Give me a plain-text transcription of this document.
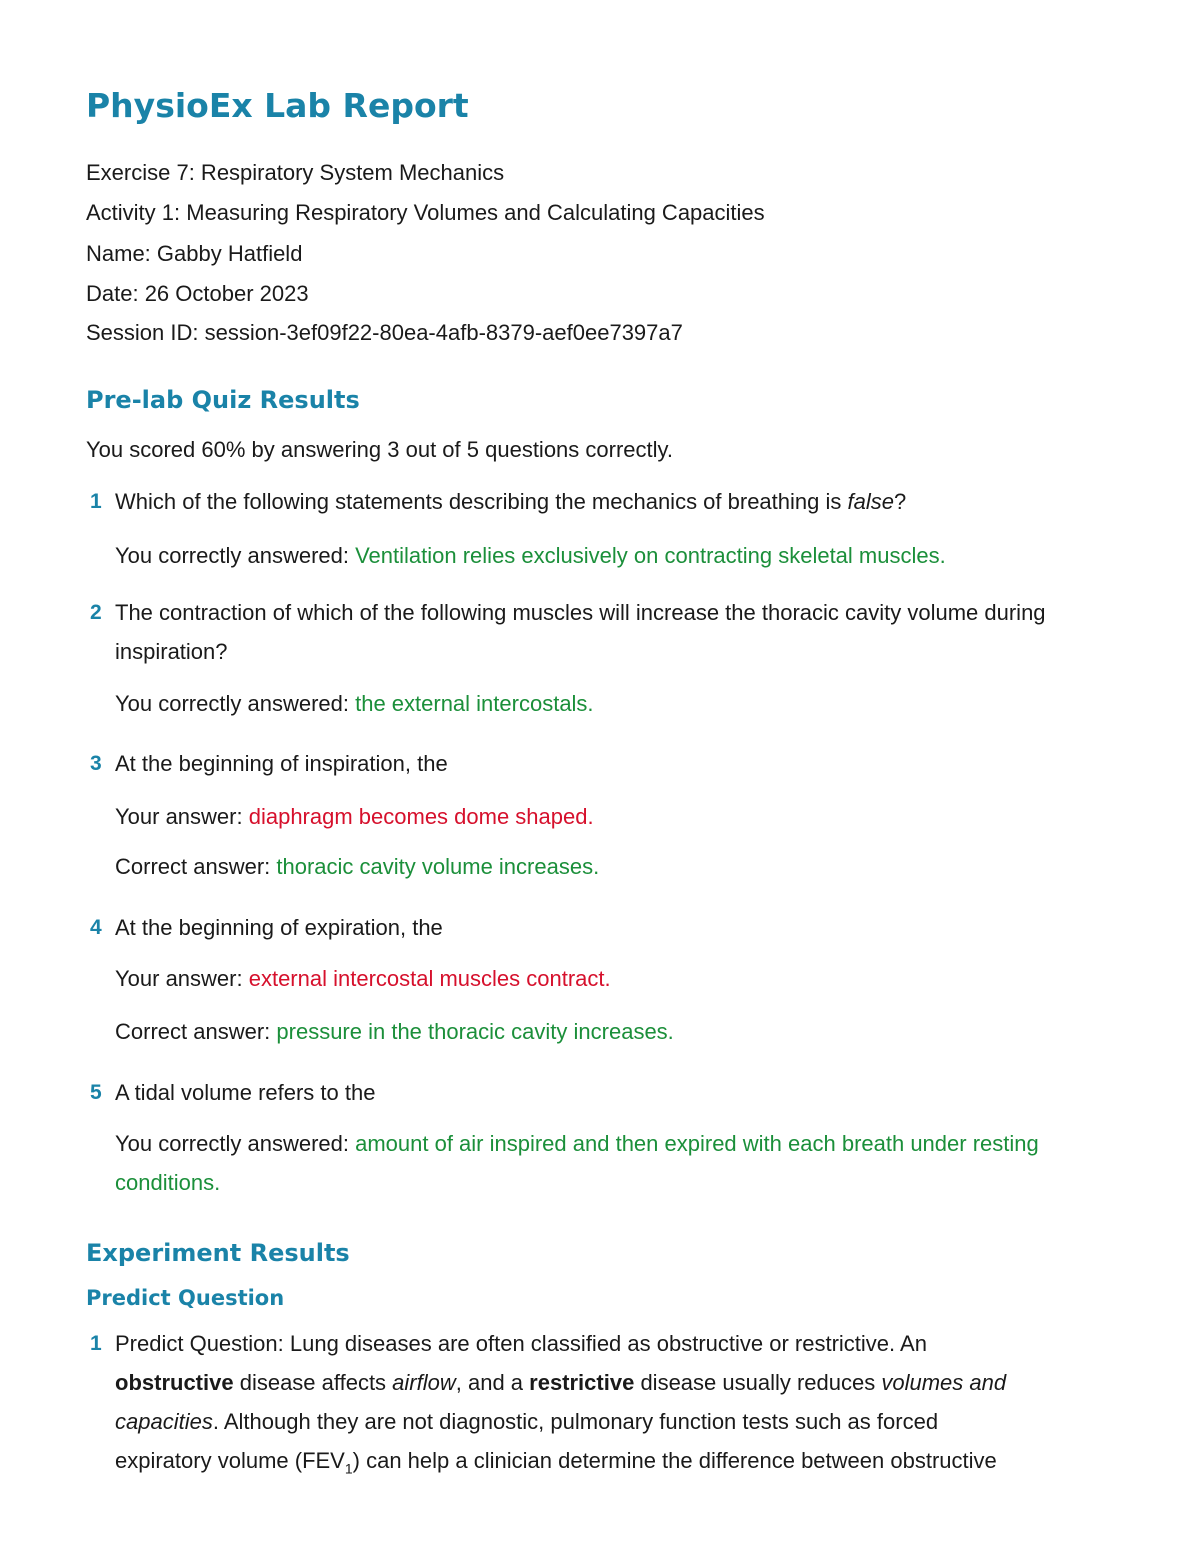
PhysioEx Lab Report
Exercise 7: Respiratory System Mechanics
Activity 1: Measuring Respiratory Volumes and Calculating Capacities
Name: Gabby Hatfield
Date: 26 October 2023
Session ID: session-3ef09f22-80ea-4afb-8379-aef0ee7397a7
Pre-lab Quiz Results
You scored 60% by answering 3 out of 5 questions correctly.
1 Which of the following statements describing the mechanics of breathing is false?
You correctly answered: Ventilation relies exclusively on contracting skeletal muscles.
2 The contraction of which of the following muscles will increase the thoracic cavity volume during inspiration?
You correctly answered: the external intercostals.
3 At the beginning of inspiration, the
Your answer: diaphragm becomes dome shaped.
Correct answer: thoracic cavity volume increases.
4 At the beginning of expiration, the
Your answer: external intercostal muscles contract.
Correct answer: pressure in the thoracic cavity increases.
5 A tidal volume refers to the
You correctly answered: amount of air inspired and then expired with each breath under resting conditions.
Experiment Results
Predict Question
1 Predict Question: Lung diseases are often classified as obstructive or restrictive. An
obstructive disease affects airflow, and a restrictive disease usually reduces volumes and
capacities. Although they are not diagnostic, pulmonary function tests such as forced
expiratory volume $(FEV_1)$ can help a clinician determine the difference between obstructive
